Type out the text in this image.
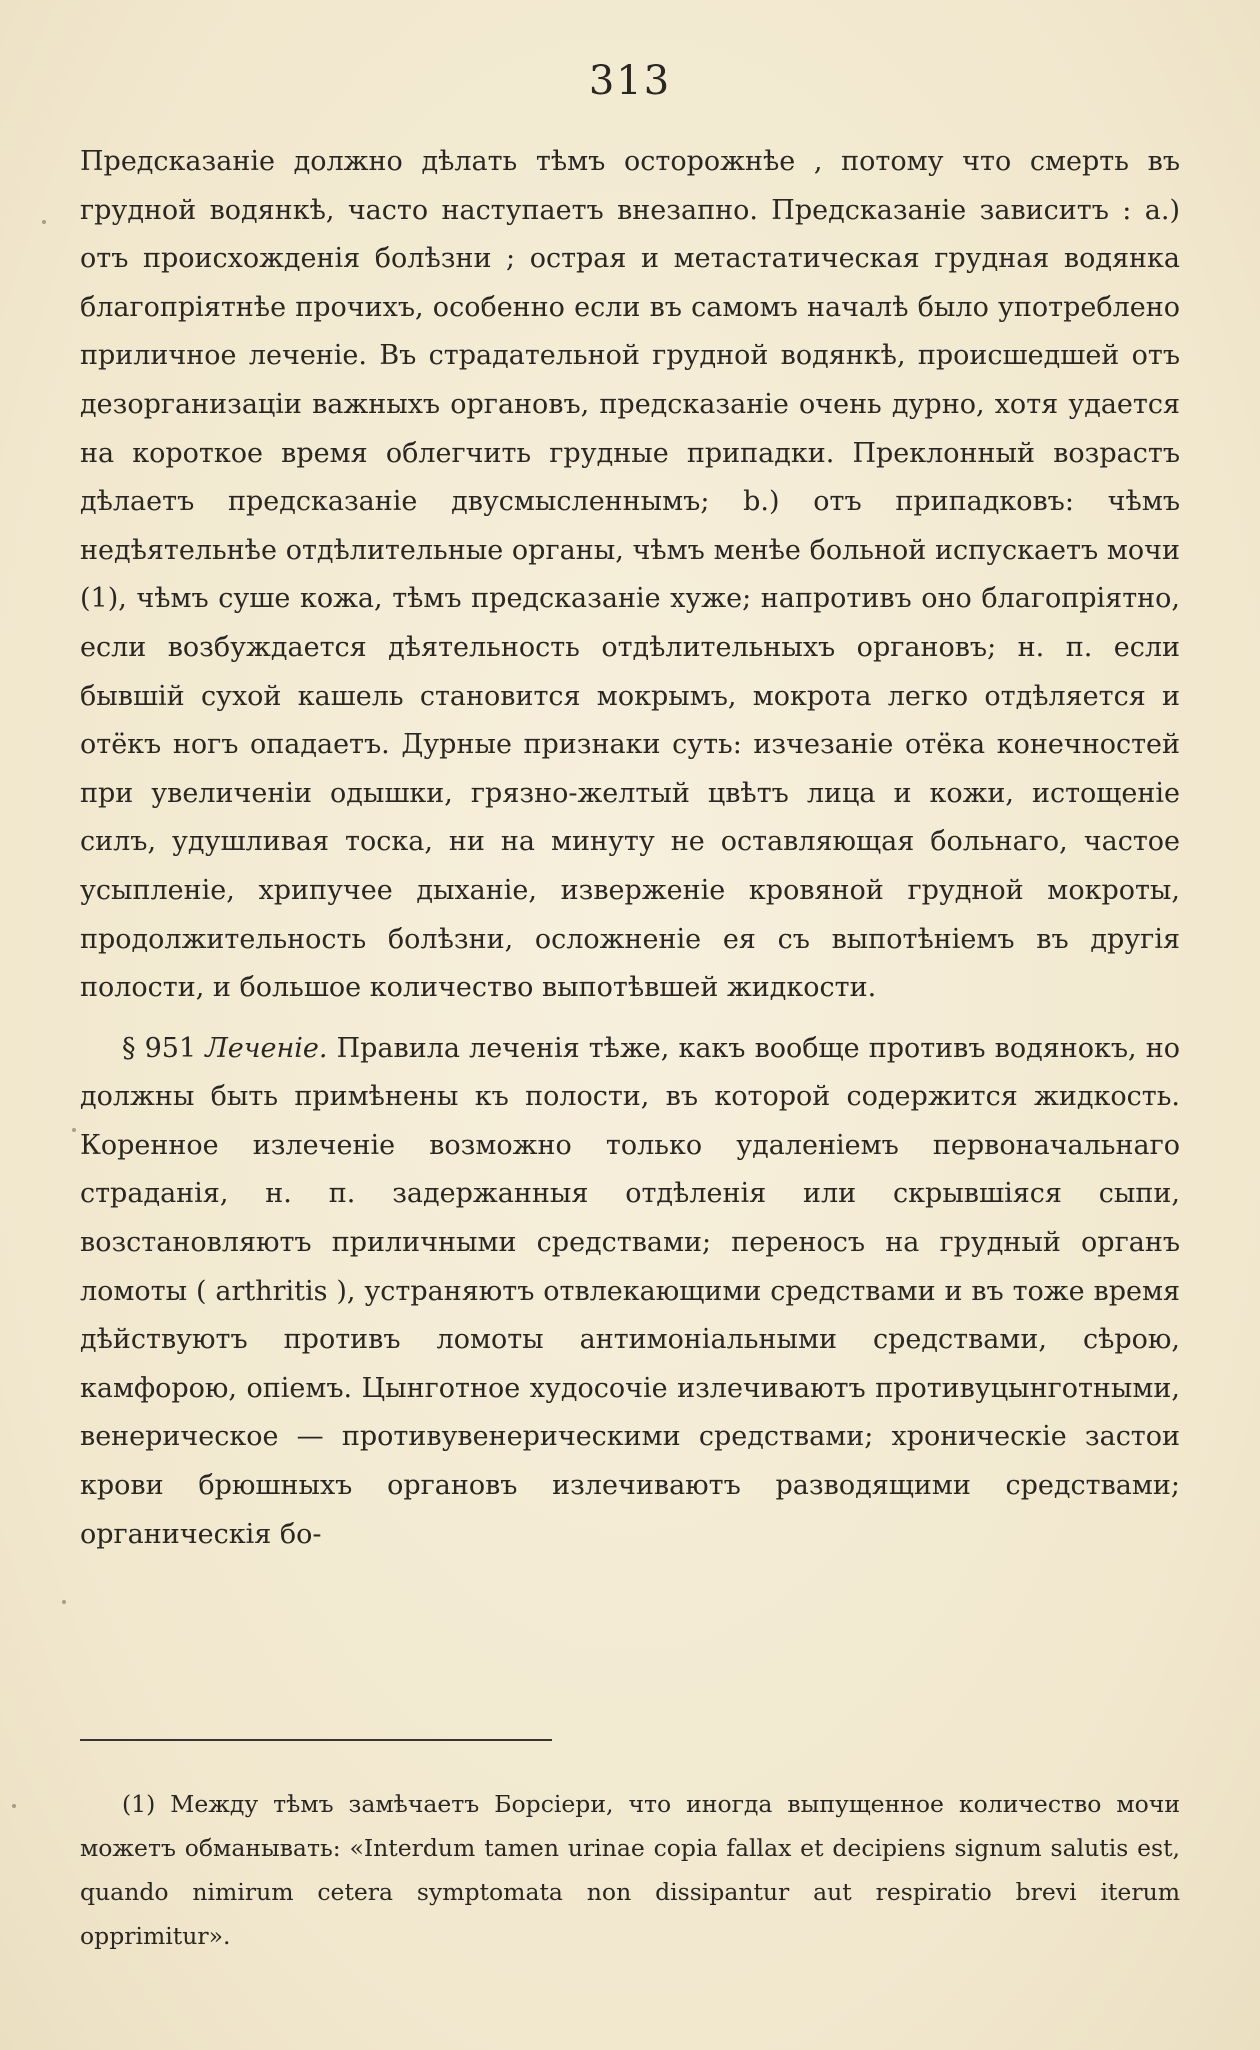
313

Предсказаніе должно дѣлать тѣмъ осторожнѣе , потому что смерть въ грудной водянкѣ, часто наступаетъ внезапно. Предсказаніе зависитъ : a.) отъ происхожденія болѣзни ; острая и метастатическая грудная водянка благопріятнѣе прочихъ, особенно если въ самомъ началѣ было употреблено приличное леченіе. Въ страдательной грудной водянкѣ, происшедшей отъ дезорганизаціи важныхъ органовъ, предсказаніе очень дурно, хотя удается на короткое время облегчить грудные припадки. Преклонный возрастъ дѣлаетъ предсказаніе двусмысленнымъ; b.) отъ припадковъ: чѣмъ недѣятельнѣе отдѣлительные органы, чѣмъ менѣе больной испускаетъ мочи (1), чѣмъ суше кожа, тѣмъ предсказаніе хуже; напротивъ оно благопріятно, если возбуждается дѣятельность отдѣлительныхъ органовъ; н. п. если бывшій сухой кашель становится мокрымъ, мокрота легко отдѣляется и отёкъ ногъ опадаетъ. Дурные признаки суть: изчезаніе отёка конечностей при увеличеніи одышки, грязно-желтый цвѣтъ лица и кожи, истощеніе силъ, удушливая тоска, ни на минуту не оставляющая больнаго, частое усыпленіе, хрипучее дыханіе, изверженіе кровяной грудной мокроты, продолжительность болѣзни, осложненіе ея съ выпотѣніемъ въ другія полости, и большое количество выпотѣвшей жидкости.

§ 951 Леченіе. Правила леченія тѣже, какъ вообще противъ водянокъ, но должны быть примѣнены къ полости, въ которой содержится жидкость. Коренное излеченіе возможно только удаленіемъ первоначальнаго страданія, н. п. задержанныя отдѣленія или скрывшіяся сыпи, возстановляютъ приличными средствами; переносъ на грудный органъ ломоты ( arthritis ), устраняютъ отвлекающими средствами и въ тоже время дѣйствуютъ противъ ломоты антимоніальными средствами, сѣрою, камфорою, опіемъ. Цынготное худосочіе излечиваютъ противуцынготными, венерическое — противувенерическими средствами; хроническіе застои крови брюшныхъ органовъ излечиваютъ разводящими средствами; органическія бо-

(1) Между тѣмъ замѣчаетъ Борсіери, что иногда выпущенное количество мочи можетъ обманывать: «Interdum tamen urinae copia fallax et decipiens signum salutis est, quando nimirum cetera symptomata non dissipantur aut respiratio brevi iterum opprimitur».
